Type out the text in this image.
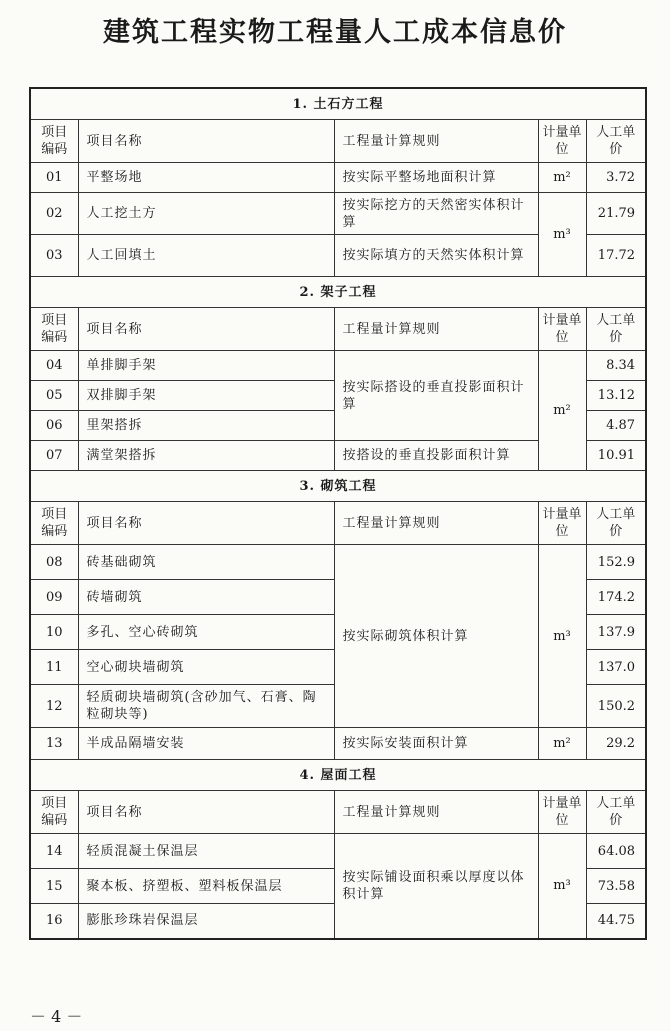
建筑工程实物工程量人工成本信息价
1. 土石方工程				
项目编码	项目名称	工程量计算规则	计量单位	人工单价
01	平整场地	按实际平整场地面积计算	m²	3.72
02	人工挖土方	按实际挖方的天然密实体积计算	m³	21.79
03	人工回填土	按实际填方的天然实体积计算		17.72
2. 架子工程				
项目编码	项目名称	工程量计算规则	计量单位	人工单价
04	单排脚手架	按实际搭设的垂直投影面积计算	m²	8.34
05	双排脚手架			13.12
06	里架搭拆			4.87
07	满堂架搭拆	按搭设的垂直投影面积计算		10.91
3. 砌筑工程				
项目编码	项目名称	工程量计算规则	计量单位	人工单价
08	砖基础砌筑	按实际砌筑体积计算	m³	152.9
09	砖墙砌筑			174.2
10	多孔、空心砖砌筑			137.9
11	空心砌块墙砌筑			137.0
12	轻质砌块墙砌筑(含砂加气、石膏、陶粒砌块等)			150.2
13	半成品隔墙安装	按实际安装面积计算	m²	29.2
4. 屋面工程				
项目编码	项目名称	工程量计算规则	计量单位	人工单价
14	轻质混凝土保温层	按实际铺设面积乘以厚度以体积计算	m³	64.08
15	聚本板、挤塑板、塑料板保温层			73.58
16	膨胀珍珠岩保温层			44.75
－ 4 －
